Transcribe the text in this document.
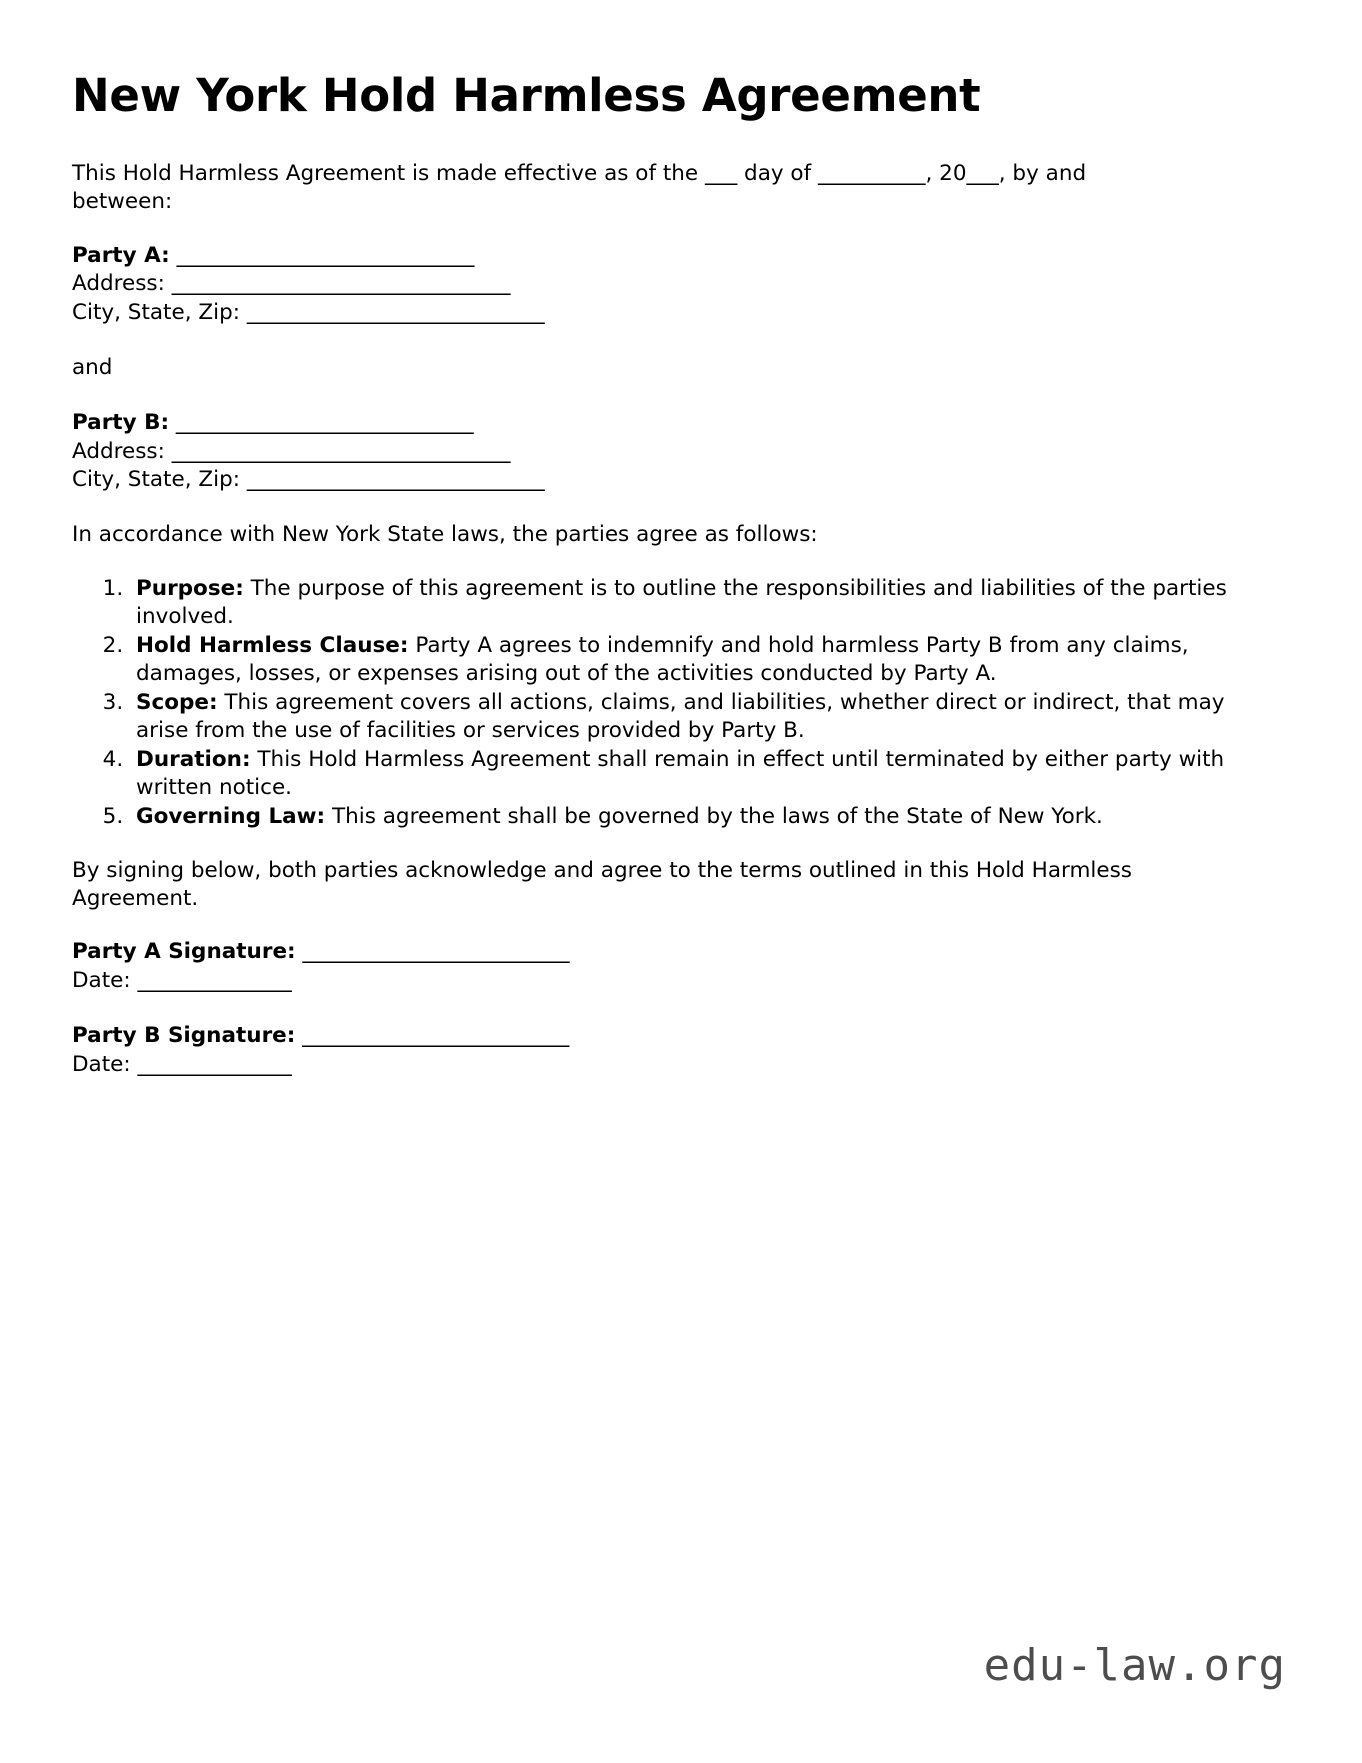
New York Hold Harmless Agreement

This Hold Harmless Agreement is made effective as of the ___ day of __________, 20___, by and between:

Party A: _____________________________
Address: _________________________________
City, State, Zip: _____________________________
and
Party B: _____________________________
Address: _________________________________
City, State, Zip: _____________________________

In accordance with New York State laws, the parties agree as follows:

1. Purpose: The purpose of this agreement is to outline the responsibilities and liabilities of the parties involved.
2. Hold Harmless Clause: Party A agrees to indemnify and hold harmless Party B from any claims, damages, losses, or expenses arising out of the activities conducted by Party A.
3. Scope: This agreement covers all actions, claims, and liabilities, whether direct or indirect, that may arise from the use of facilities or services provided by Party B.
4. Duration: This Hold Harmless Agreement shall remain in effect until terminated by either party with written notice.
5. Governing Law: This agreement shall be governed by the laws of the State of New York.

By signing below, both parties acknowledge and agree to the terms outlined in this Hold Harmless Agreement.

Party A Signature: __________________________
Date: _______________
Party B Signature: __________________________
Date: _______________
edu-law.org
